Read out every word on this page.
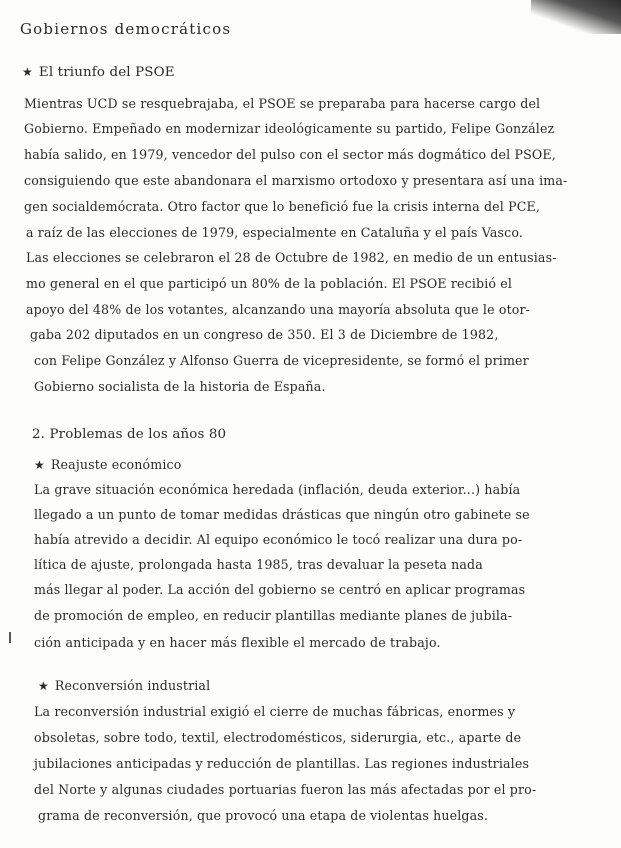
Gobiernos democráticos
★ El triunfo del PSOE
Mientras UCD se resquebrajaba, el PSOE se preparaba para hacerse cargo del
Gobierno. Empeñado en modernizar ideológicamente su partido, Felipe González
había salido, en 1979, vencedor del pulso con el sector más dogmático del PSOE,
consiguiendo que este abandonara el marxismo ortodoxo y presentara así una ima-
gen socialdemócrata. Otro factor que lo benefició fue la crisis interna del PCE,
a raíz de las elecciones de 1979, especialmente en Cataluña y el país Vasco.
Las elecciones se celebraron el 28 de Octubre de 1982, en medio de un entusias-
mo general en el que participó un 80% de la población. El PSOE recibió el
apoyo del 48% de los votantes, alcanzando una mayoría absoluta que le otor-
gaba 202 diputados en un congreso de 350. El 3 de Diciembre de 1982,
con Felipe González y Alfonso Guerra de vicepresidente, se formó el primer
Gobierno socialista de la historia de España.
2. Problemas de los años 80
★ Reajuste económico
La grave situación económica heredada (inflación, deuda exterior...) había
llegado a un punto de tomar medidas drásticas que ningún otro gabinete se
había atrevido a decidir. Al equipo económico le tocó realizar una dura po-
lítica de ajuste, prolongada hasta 1985, tras devaluar la peseta nada
más llegar al poder. La acción del gobierno se centró en aplicar programas
de promoción de empleo, en reducir plantillas mediante planes de jubila-
ción anticipada y en hacer más flexible el mercado de trabajo.
★ Reconversión industrial
La reconversión industrial exigió el cierre de muchas fábricas, enormes y
obsoletas, sobre todo, textil, electrodomésticos, siderurgia, etc., aparte de
jubilaciones anticipadas y reducción de plantillas. Las regiones industriales
del Norte y algunas ciudades portuarias fueron las más afectadas por el pro-
grama de reconversión, que provocó una etapa de violentas huelgas.
